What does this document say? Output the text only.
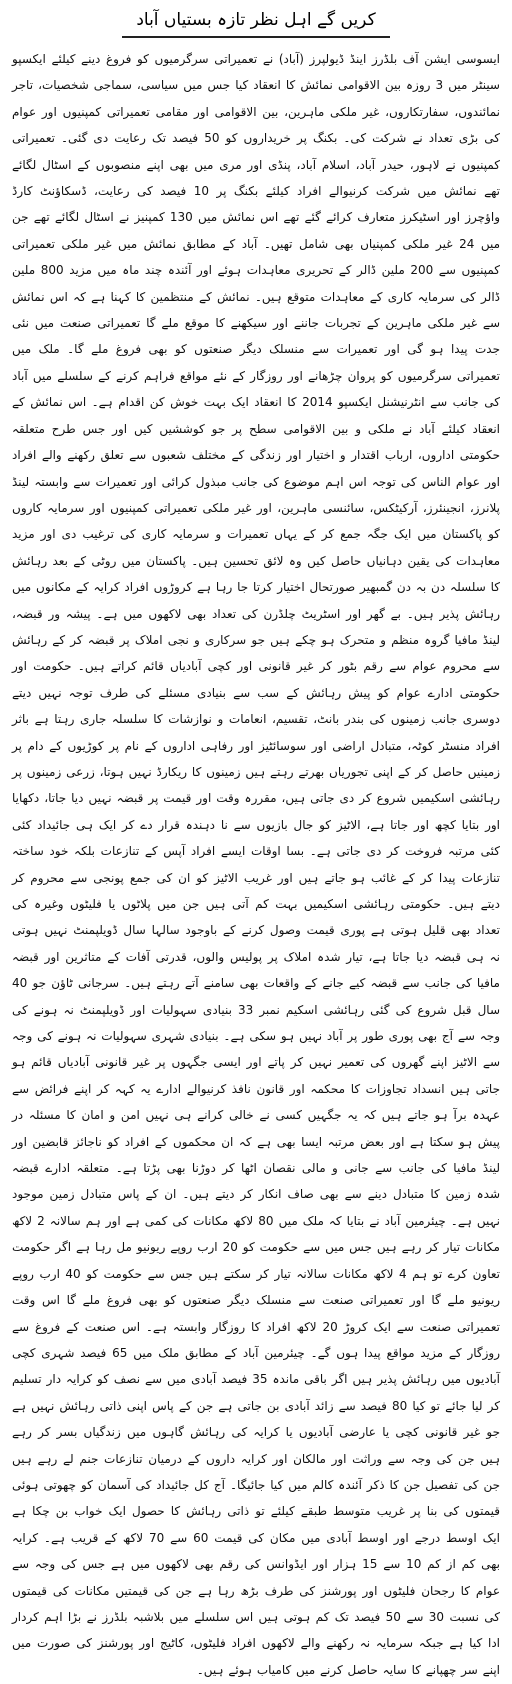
کریں گے اہل نظر تازہ بستیاں آباد

ایسوسی ایشن آف بلڈرز اینڈ ڈیولپرز (آباد) نے تعمیراتی سرگرمیوں کو فروغ دینے کیلئے ایکسپو سینٹر میں 3 روزہ بین الاقوامی نمائش کا انعقاد کیا جس میں سیاسی، سماجی شخصیات، تاجر نمائندوں، سفارتکاروں، غیر ملکی ماہرین، بین الاقوامی اور مقامی تعمیراتی کمپنیوں اور عوام کی بڑی تعداد نے شرکت کی۔ بکنگ پر خریداروں کو 50 فیصد تک رعایت دی گئی۔ تعمیراتی کمپنیوں نے لاہور، حیدر آباد، اسلام آباد، پنڈی اور مری میں بھی اپنے منصوبوں کے اسٹال لگائے تھے نمائش میں شرکت کرنیوالے افراد کیلئے بکنگ پر 10 فیصد کی رعایت، ڈسکاؤنٹ کارڈ واؤچرز اور اسٹیکرز متعارف کرائے گئے تھے اس نمائش میں 130 کمپنیز نے اسٹال لگائے تھے جن میں 24 غیر ملکی کمپنیاں بھی شامل تھیں۔ آباد کے مطابق نمائش میں غیر ملکی تعمیراتی کمپنیوں سے 200 ملین ڈالر کے تحریری معاہدات ہوئے اور آئندہ چند ماہ میں مزید 800 ملین ڈالر کی سرمایہ کاری کے معاہدات متوقع ہیں۔ نمائش کے منتظمین کا کہنا ہے کہ اس نمائش سے غیر ملکی ماہرین کے تجربات جاننے اور سیکھنے کا موقع ملے گا تعمیراتی صنعت میں نئی جدت پیدا ہو گی اور تعمیرات سے منسلک دیگر صنعتوں کو بھی فروغ ملے گا۔ ملک میں تعمیراتی سرگرمیوں کو پروان چڑھانے اور روزگار کے نئے مواقع فراہم کرنے کے سلسلے میں آباد کی جانب سے انٹرنیشنل ایکسپو 2014 کا انعقاد ایک بہت خوش کن اقدام ہے۔ اس نمائش کے انعقاد کیلئے آباد نے ملکی و بین الاقوامی سطح پر جو کوششیں کیں اور جس طرح متعلقہ حکومتی اداروں، ارباب اقتدار و اختیار اور زندگی کے مختلف شعبوں سے تعلق رکھنے والے افراد اور عوام الناس کی توجہ اس اہم موضوع کی جانب مبذول کرائی اور تعمیرات سے وابستہ لینڈ پلانرز، انجینئرز، آرکیٹکس، سائنسی ماہرین، اور غیر ملکی تعمیراتی کمپنیوں اور سرمایہ کاروں کو پاکستان میں ایک جگہ جمع کر کے یہاں تعمیرات و سرمایہ کاری کی ترغیب دی اور مزید معاہدات کی یقین دہانیاں حاصل کیں وہ لائق تحسین ہیں۔ پاکستان میں روٹی کے بعد رہائش کا سلسلہ دن بہ دن گمبھیر صورتحال اختیار کرتا جا رہا ہے کروڑوں افراد کرایہ کے مکانوں میں رہائش پذیر ہیں۔ بے گھر اور اسٹریٹ چلڈرن کی تعداد بھی لاکھوں میں ہے۔ پیشہ ور قبضہ، لینڈ مافیا گروہ منظم و متحرک ہو چکے ہیں جو سرکاری و نجی املاک پر قبضہ کر کے رہائش سے محروم عوام سے رقم بٹور کر غیر قانونی اور کچی آبادیاں قائم کراتے ہیں۔ حکومت اور حکومتی ادارے عوام کو پیش رہائش کے سب سے بنیادی مسئلے کی طرف توجہ نہیں دیتے دوسری جانب زمینوں کی بندر بانٹ، تقسیم، انعامات و نوازشات کا سلسلہ جاری رہتا ہے باثر افراد منسٹر کوٹہ، متبادل اراضی اور سوسائٹیز اور رفاہی اداروں کے نام پر کوڑیوں کے دام پر زمینیں حاصل کر کے اپنی تجوریاں بھرتے رہتے ہیں زمینوں کا ریکارڈ نہیں ہوتا، زرعی زمینوں پر رہائشی اسکیمیں شروع کر دی جاتی ہیں، مقررہ وقت اور قیمت پر قبضہ نہیں دیا جاتا، دکھایا اور بتایا کچھ اور جاتا ہے، الاٹیز کو جال بازیوں سے نا دہندہ قرار دے کر ایک ہی جائیداد کئی کئی مرتبہ فروخت کر دی جاتی ہے۔ بسا اوقات ایسے افراد آپس کے تنازعات بلکہ خود ساختہ تنازعات پیدا کر کے غائب ہو جاتے ہیں اور غریب الاٹیز کو ان کی جمع پونجی سے محروم کر دیتے ہیں۔ حکومتی رہائشی اسکیمیں بہت کم آتی ہیں جن میں پلاٹوں یا فلیٹوں وغیرہ کی تعداد بھی قلیل ہوتی ہے پوری قیمت وصول کرنے کے باوجود سالہا سال ڈویلپمنٹ نہیں ہوتی نہ ہی قبضہ دیا جاتا ہے، تیار شدہ املاک پر پولیس والوں، قدرتی آفات کے متاثرین اور قبضہ مافیا کی جانب سے قبضہ کیے جانے کے واقعات بھی سامنے آتے رہتے ہیں۔ سرجانی ٹاؤن جو 40 سال قبل شروع کی گئی رہائشی اسکیم نمبر 33 بنیادی سہولیات اور ڈویلپمنٹ نہ ہونے کی وجہ سے آج بھی پوری طور پر آباد نہیں ہو سکی ہے۔ بنیادی شہری سہولیات نہ ہونے کی وجہ سے الاٹیز اپنے گھروں کی تعمیر نہیں کر پاتے اور ایسی جگہوں پر غیر قانونی آبادیاں قائم ہو جاتی ہیں انسداد تجاوزات کا محکمہ اور قانون نافذ کرنیوالے ادارے یہ کہہ کر اپنے فرائض سے عہدہ برآ ہو جاتے ہیں کہ یہ جگہیں کسی نے خالی کرانے ہی نہیں امن و امان کا مسئلہ در پیش ہو سکتا ہے اور بعض مرتبہ ایسا بھی ہے کہ ان محکموں کے افراد کو ناجائز قابضین اور لینڈ مافیا کی جانب سے جانی و مالی نقصان اٹھا کر دوڑنا بھی پڑتا ہے۔ متعلقہ ادارے قبضہ شدہ زمین کا متبادل دینے سے بھی صاف انکار کر دیتے ہیں۔ ان کے پاس متبادل زمین موجود نہیں ہے۔ چیئرمین آباد نے بتایا کہ ملک میں 80 لاکھ مکانات کی کمی ہے اور ہم سالانہ 2 لاکھ مکانات تیار کر رہے ہیں جس میں سے حکومت کو 20 ارب روپے ریونیو مل رہا ہے اگر حکومت تعاون کرے تو ہم 4 لاکھ مکانات سالانہ تیار کر سکتے ہیں جس سے حکومت کو 40 ارب روپے ریونیو ملے گا اور تعمیراتی صنعت سے منسلک دیگر صنعتوں کو بھی فروغ ملے گا اس وقت تعمیراتی صنعت سے ایک کروڑ 20 لاکھ افراد کا روزگار وابستہ ہے۔ اس صنعت کے فروغ سے روزگار کے مزید مواقع پیدا ہوں گے۔ چیئرمین آباد کے مطابق ملک میں 65 فیصد شہری کچی آبادیوں میں رہائش پذیر ہیں اگر باقی ماندہ 35 فیصد آبادی میں سے نصف کو کرایہ دار تسلیم کر لیا جائے تو کیا 80 فیصد سے زائد آبادی بن جاتی ہے جن کے پاس اپنی ذاتی رہائش نہیں ہے جو غیر قانونی کچی یا عارضی آبادیوں یا کرایہ کی رہائش گاہوں میں زندگیاں بسر کر رہے ہیں جن کی وجہ سے وراثت اور مالکان اور کرایہ داروں کے درمیان تنازعات جنم لے رہے ہیں جن کی تفصیل جن کا ذکر آئندہ کالم میں کیا جائیگا۔ آج کل جائیداد کی آسمان کو چھوتی ہوئی قیمتوں کی بنا پر غریب متوسط طبقے کیلئے تو ذاتی رہائش کا حصول ایک خواب بن چکا ہے ایک اوسط درجے اور اوسط آبادی میں مکان کی قیمت 60 سے 70 لاکھ کے قریب ہے۔ کرایہ بھی کم از کم 10 سے 15 ہزار اور ایڈوانس کی رقم بھی لاکھوں میں ہے جس کی وجہ سے عوام کا رجحان فلیٹوں اور پورشنز کی طرف بڑھ رہا ہے جن کی قیمتیں مکانات کی قیمتوں کی نسبت 30 سے 50 فیصد تک کم ہوتی ہیں اس سلسلے میں بلاشبہ بلڈرز نے بڑا اہم کردار ادا کیا ہے جبکہ سرمایہ نہ رکھنے والے لاکھوں افراد فلیٹوں، کاٹیج اور پورشنز کی صورت میں اپنے سر چھپانے کا سایہ حاصل کرنے میں کامیاب ہوئے ہیں۔
